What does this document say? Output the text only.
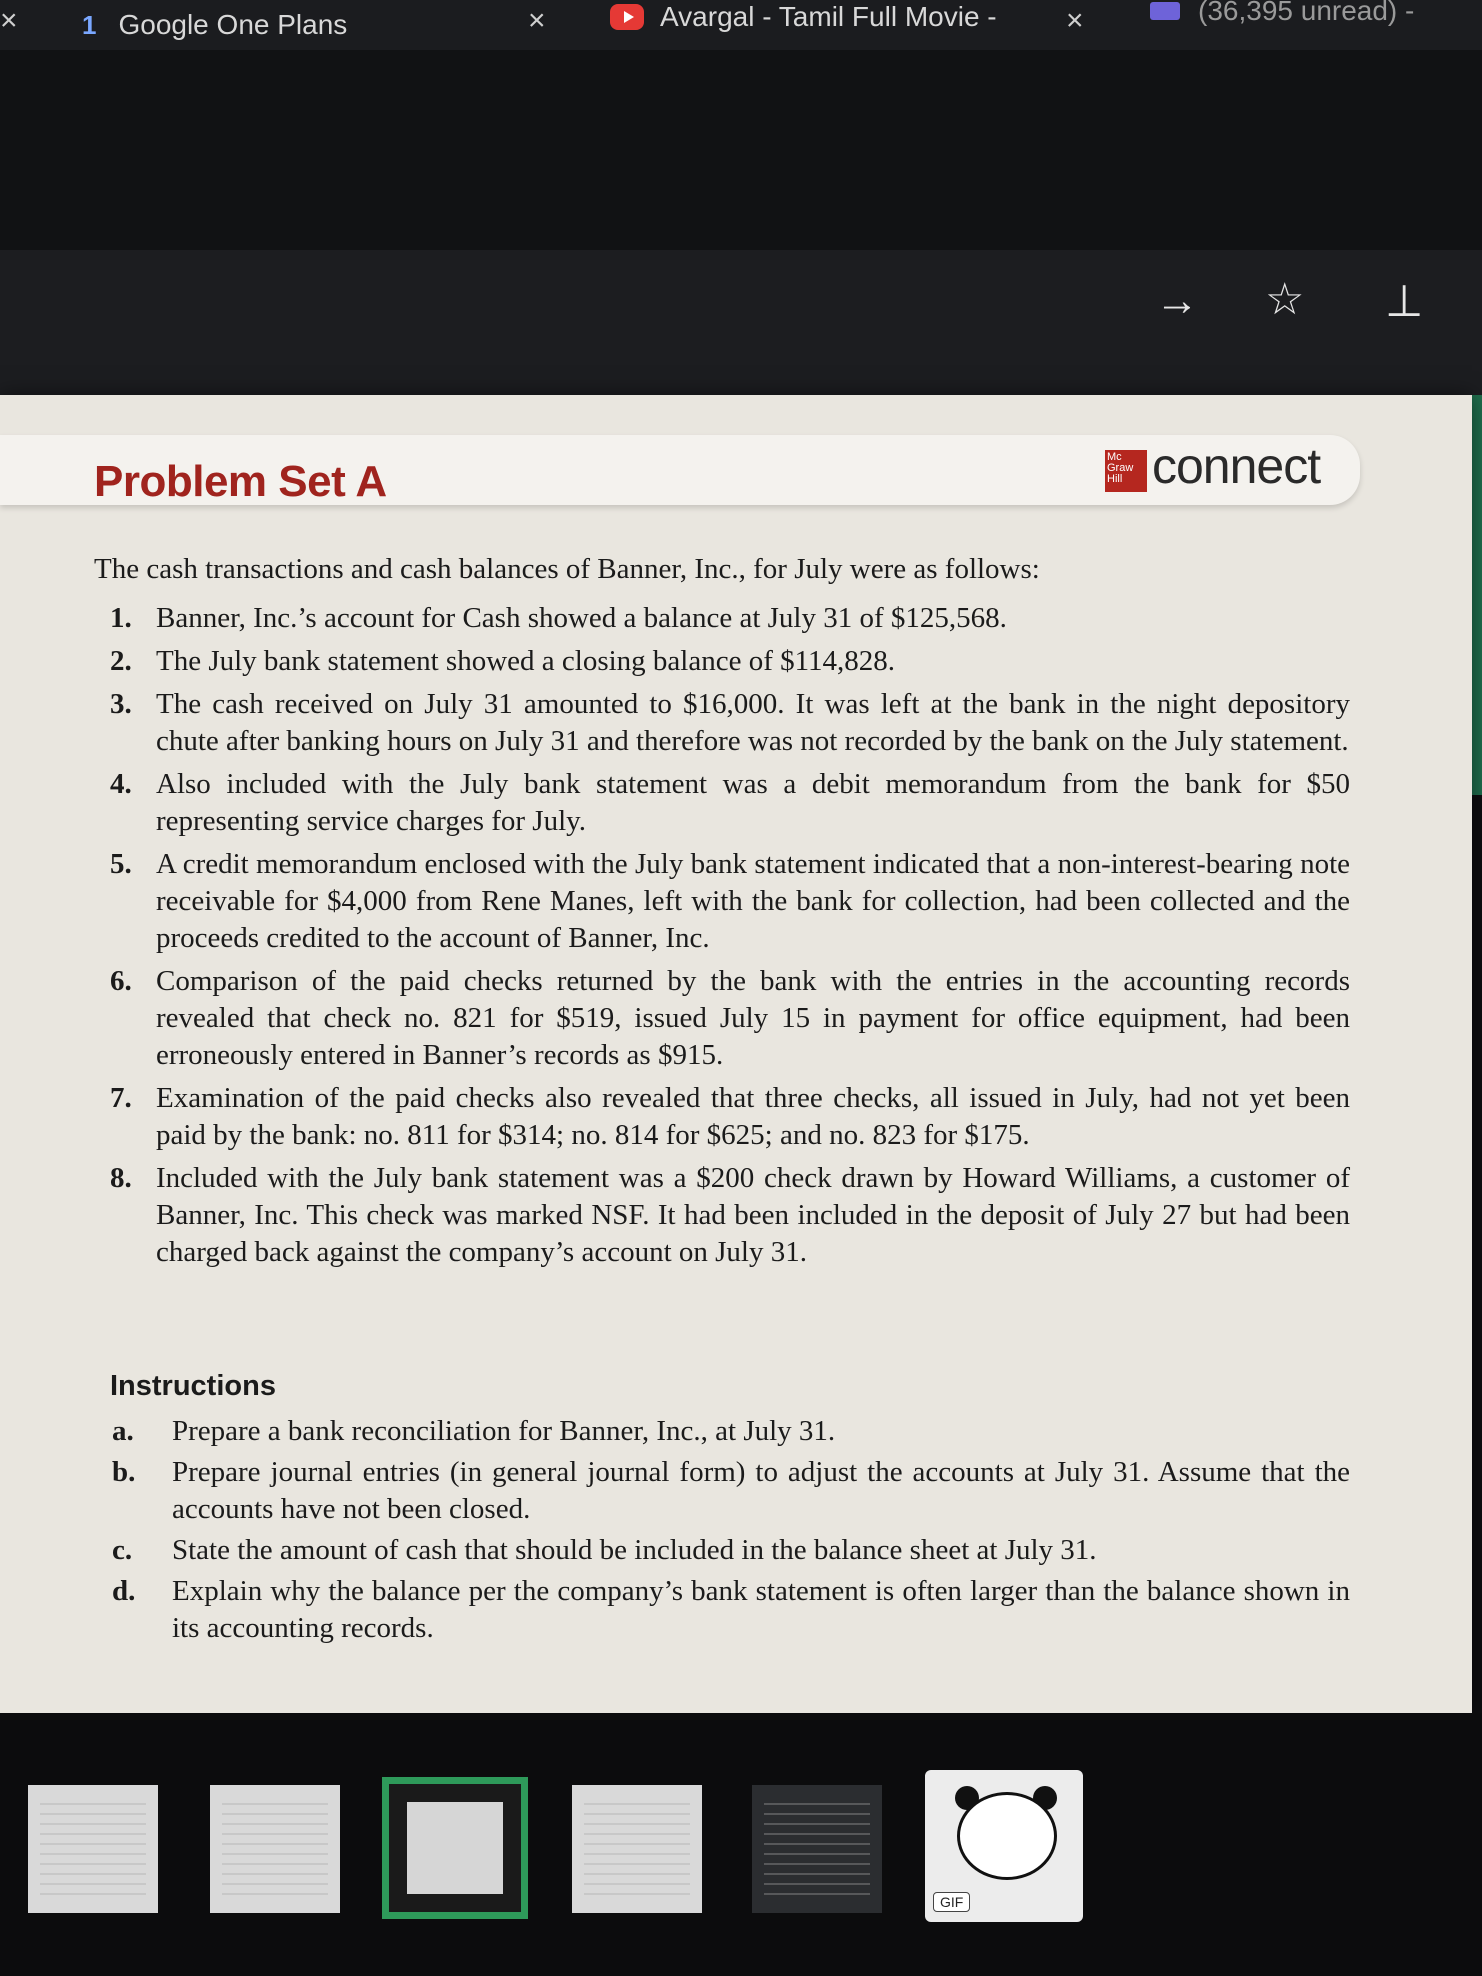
× 1 Google One Plans	×	Avargal - Tamil Full Movie - ×	(36,395 unread) -
→ ☆ ⊥
Problem Set A	Mc Graw Hill connect
The cash transactions and cash balances of Banner, Inc., for July were as follows:
1. Banner, Inc.’s account for Cash showed a balance at July 31 of $125,568.
2. The July bank statement showed a closing balance of $114,828.
3. The cash received on July 31 amounted to $16,000. It was left at the bank in the night depository chute after banking hours on July 31 and therefore was not recorded by the bank on the July statement.
4. Also included with the July bank statement was a debit memorandum from the bank for $50 representing service charges for July.
5. A credit memorandum enclosed with the July bank statement indicated that a non-interest-bearing note receivable for $4,000 from Rene Manes, left with the bank for collection, had been collected and the proceeds credited to the account of Banner, Inc.
6. Comparison of the paid checks returned by the bank with the entries in the accounting records revealed that check no. 821 for $519, issued July 15 in payment for office equipment, had been erroneously entered in Banner’s records as $915.
7. Examination of the paid checks also revealed that three checks, all issued in July, had not yet been paid by the bank: no. 811 for $314; no. 814 for $625; and no. 823 for $175.
8. Included with the July bank statement was a $200 check drawn by Howard Williams, a customer of Banner, Inc. This check was marked NSF. It had been included in the deposit of July 27 but had been charged back against the company’s account on July 31.
Instructions
a. Prepare a bank reconciliation for Banner, Inc., at July 31.
b. Prepare journal entries (in general journal form) to adjust the accounts at July 31. Assume that the accounts have not been closed.
c. State the amount of cash that should be included in the balance sheet at July 31.
d. Explain why the balance per the company’s bank statement is often larger than the balance shown in its accounting records.
GIF
